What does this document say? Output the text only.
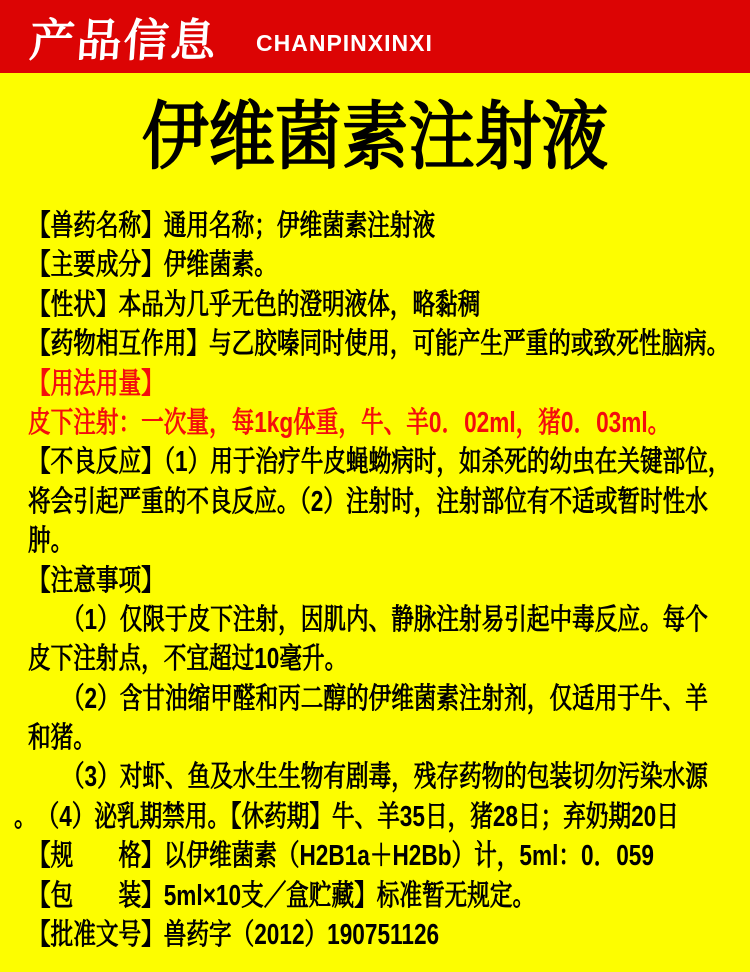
产品信息 CHANPINXINXI
伊维菌素注射液
【兽药名称】通用名称；伊维菌素注射液
【主要成分】伊维菌素。
【性状】本品为几乎无色的澄明液体，略黏稠
【药物相互作用】与乙胶嗪同时使用，可能产生严重的或致死性脑病。
【用法用量】
皮下注射：一次量，每1kg体重，牛、羊0．02ml，猪0．03ml。
【不良反应】（1）用于治疗牛皮蝇蚴病时，如杀死的幼虫在关键部位，
将会引起严重的不良反应。（2）注射时，注射部位有不适或暂时性水
肿。
【注意事项】
　　（1）仅限于皮下注射，因肌内、静脉注射易引起中毒反应。每个
皮下注射点，不宜超过10毫升。
　　（2）含甘油缩甲醛和丙二醇的伊维菌素注射剂，仅适用于牛、羊
和猪。
　　（3）对虾、鱼及水生生物有剧毒，残存药物的包装切勿污染水源
。　（4）泌乳期禁用。【休药期】牛、羊35日，猪28日；弃奶期20日
【规　　格】以伊维菌素（H2B1a＋H2Bb）计，5ml：0．059
【包　　装】5ml×10支／盒贮藏】标准暂无规定。
【批准文号】兽药字（2012）190751126
